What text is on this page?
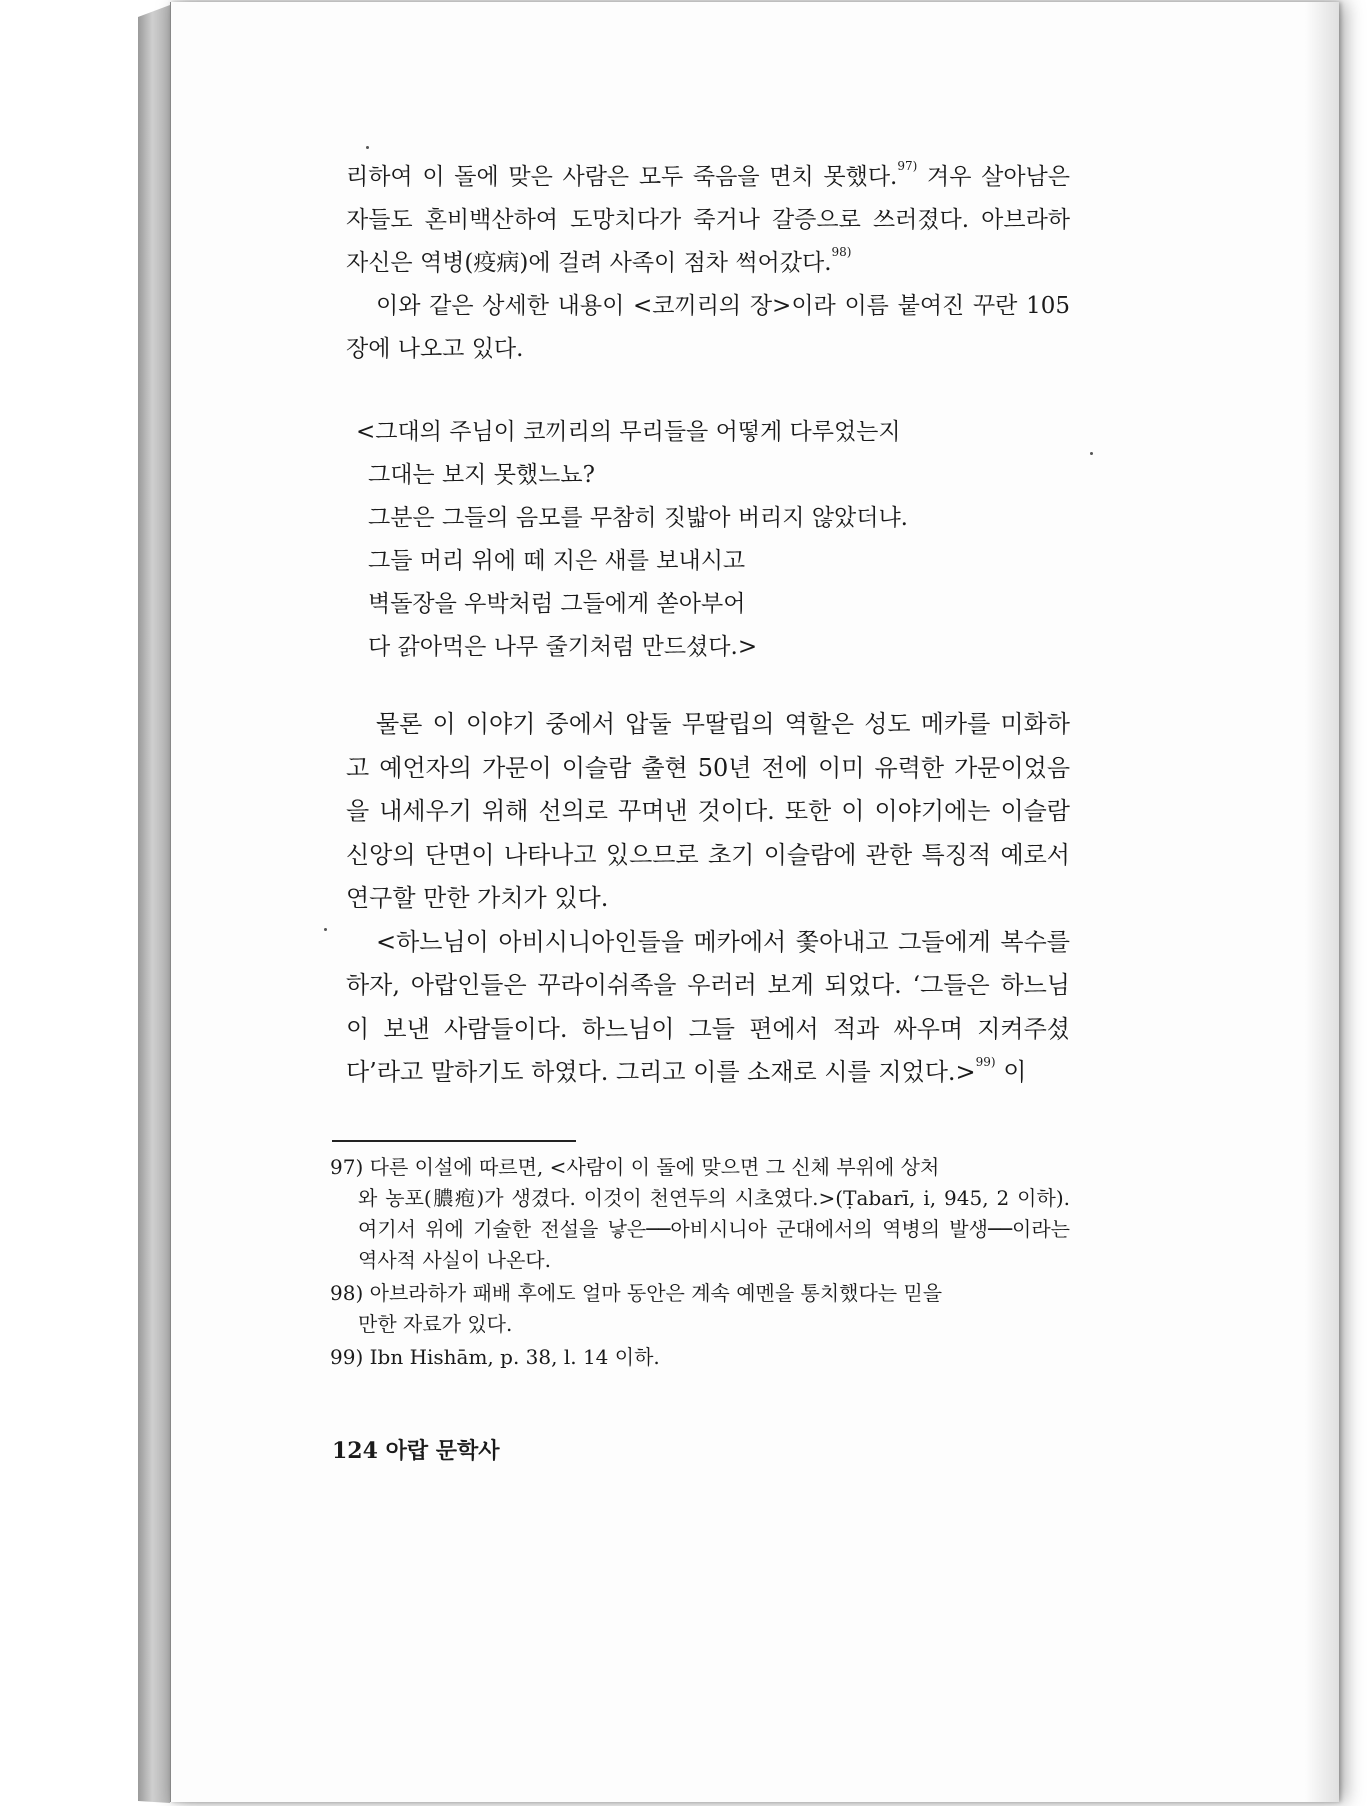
리하여 이 돌에 맞은 사람은 모두 죽음을 면치 못했다.$^{97)}$ 겨우 살아남은 자들도 혼비백산하여 도망치다가 죽거나 갈증으로 쓰러졌다. 아브라하 자신은 역병(疫病)에 걸려 사족이 점차 썩어갔다.$^{98)}$

이와 같은 상세한 내용이 <코끼리의 장>이라 이름 붙여진 꾸란 105장에 나오고 있다.

<그대의 주님이 코끼리의 무리들을 어떻게 다루었는지
그대는 보지 못했느뇨?
그분은 그들의 음모를 무참히 짓밟아 버리지 않았더냐.
그들 머리 위에 떼 지은 새를 보내시고
벽돌장을 우박처럼 그들에게 쏟아부어
다 갉아먹은 나무 줄기처럼 만드셨다.>

물론 이 이야기 중에서 압둘 무딸립의 역할은 성도 메카를 미화하고 예언자의 가문이 이슬람 출현 50년 전에 이미 유력한 가문이었음을 내세우기 위해 선의로 꾸며낸 것이다. 또한 이 이야기에는 이슬람 신앙의 단면이 나타나고 있으므로 초기 이슬람에 관한 특징적 예로서 연구할 만한 가치가 있다.

<하느님이 아비시니아인들을 메카에서 쫓아내고 그들에게 복수를 하자, 아랍인들은 꾸라이쉬족을 우러러 보게 되었다. ‘그들은 하느님이 보낸 사람들이다. 하느님이 그들 편에서 적과 싸우며 지켜주셨다’라고 말하기도 하였다. 그리고 이를 소재로 시를 지었다.>$^{99)}$ 이

97) 다른 이설에 따르면, <사람이 이 돌에 맞으면 그 신체 부위에 상처
와 농포(膿疱)가 생겼다. 이것이 천연두의 시초였다.>(Ṭabarī, i, 945, 2 이하). 여기서 위에 기술한 전설을 낳은──아비시니아 군대에서의 역병의 발생──이라는 역사적 사실이 나온다.
98) 아브라하가 패배 후에도 얼마 동안은 계속 예멘을 통치했다는 믿을
만한 자료가 있다.
99) Ibn Hishām, p. 38, l. 14 이하.
124 아랍 문학사
